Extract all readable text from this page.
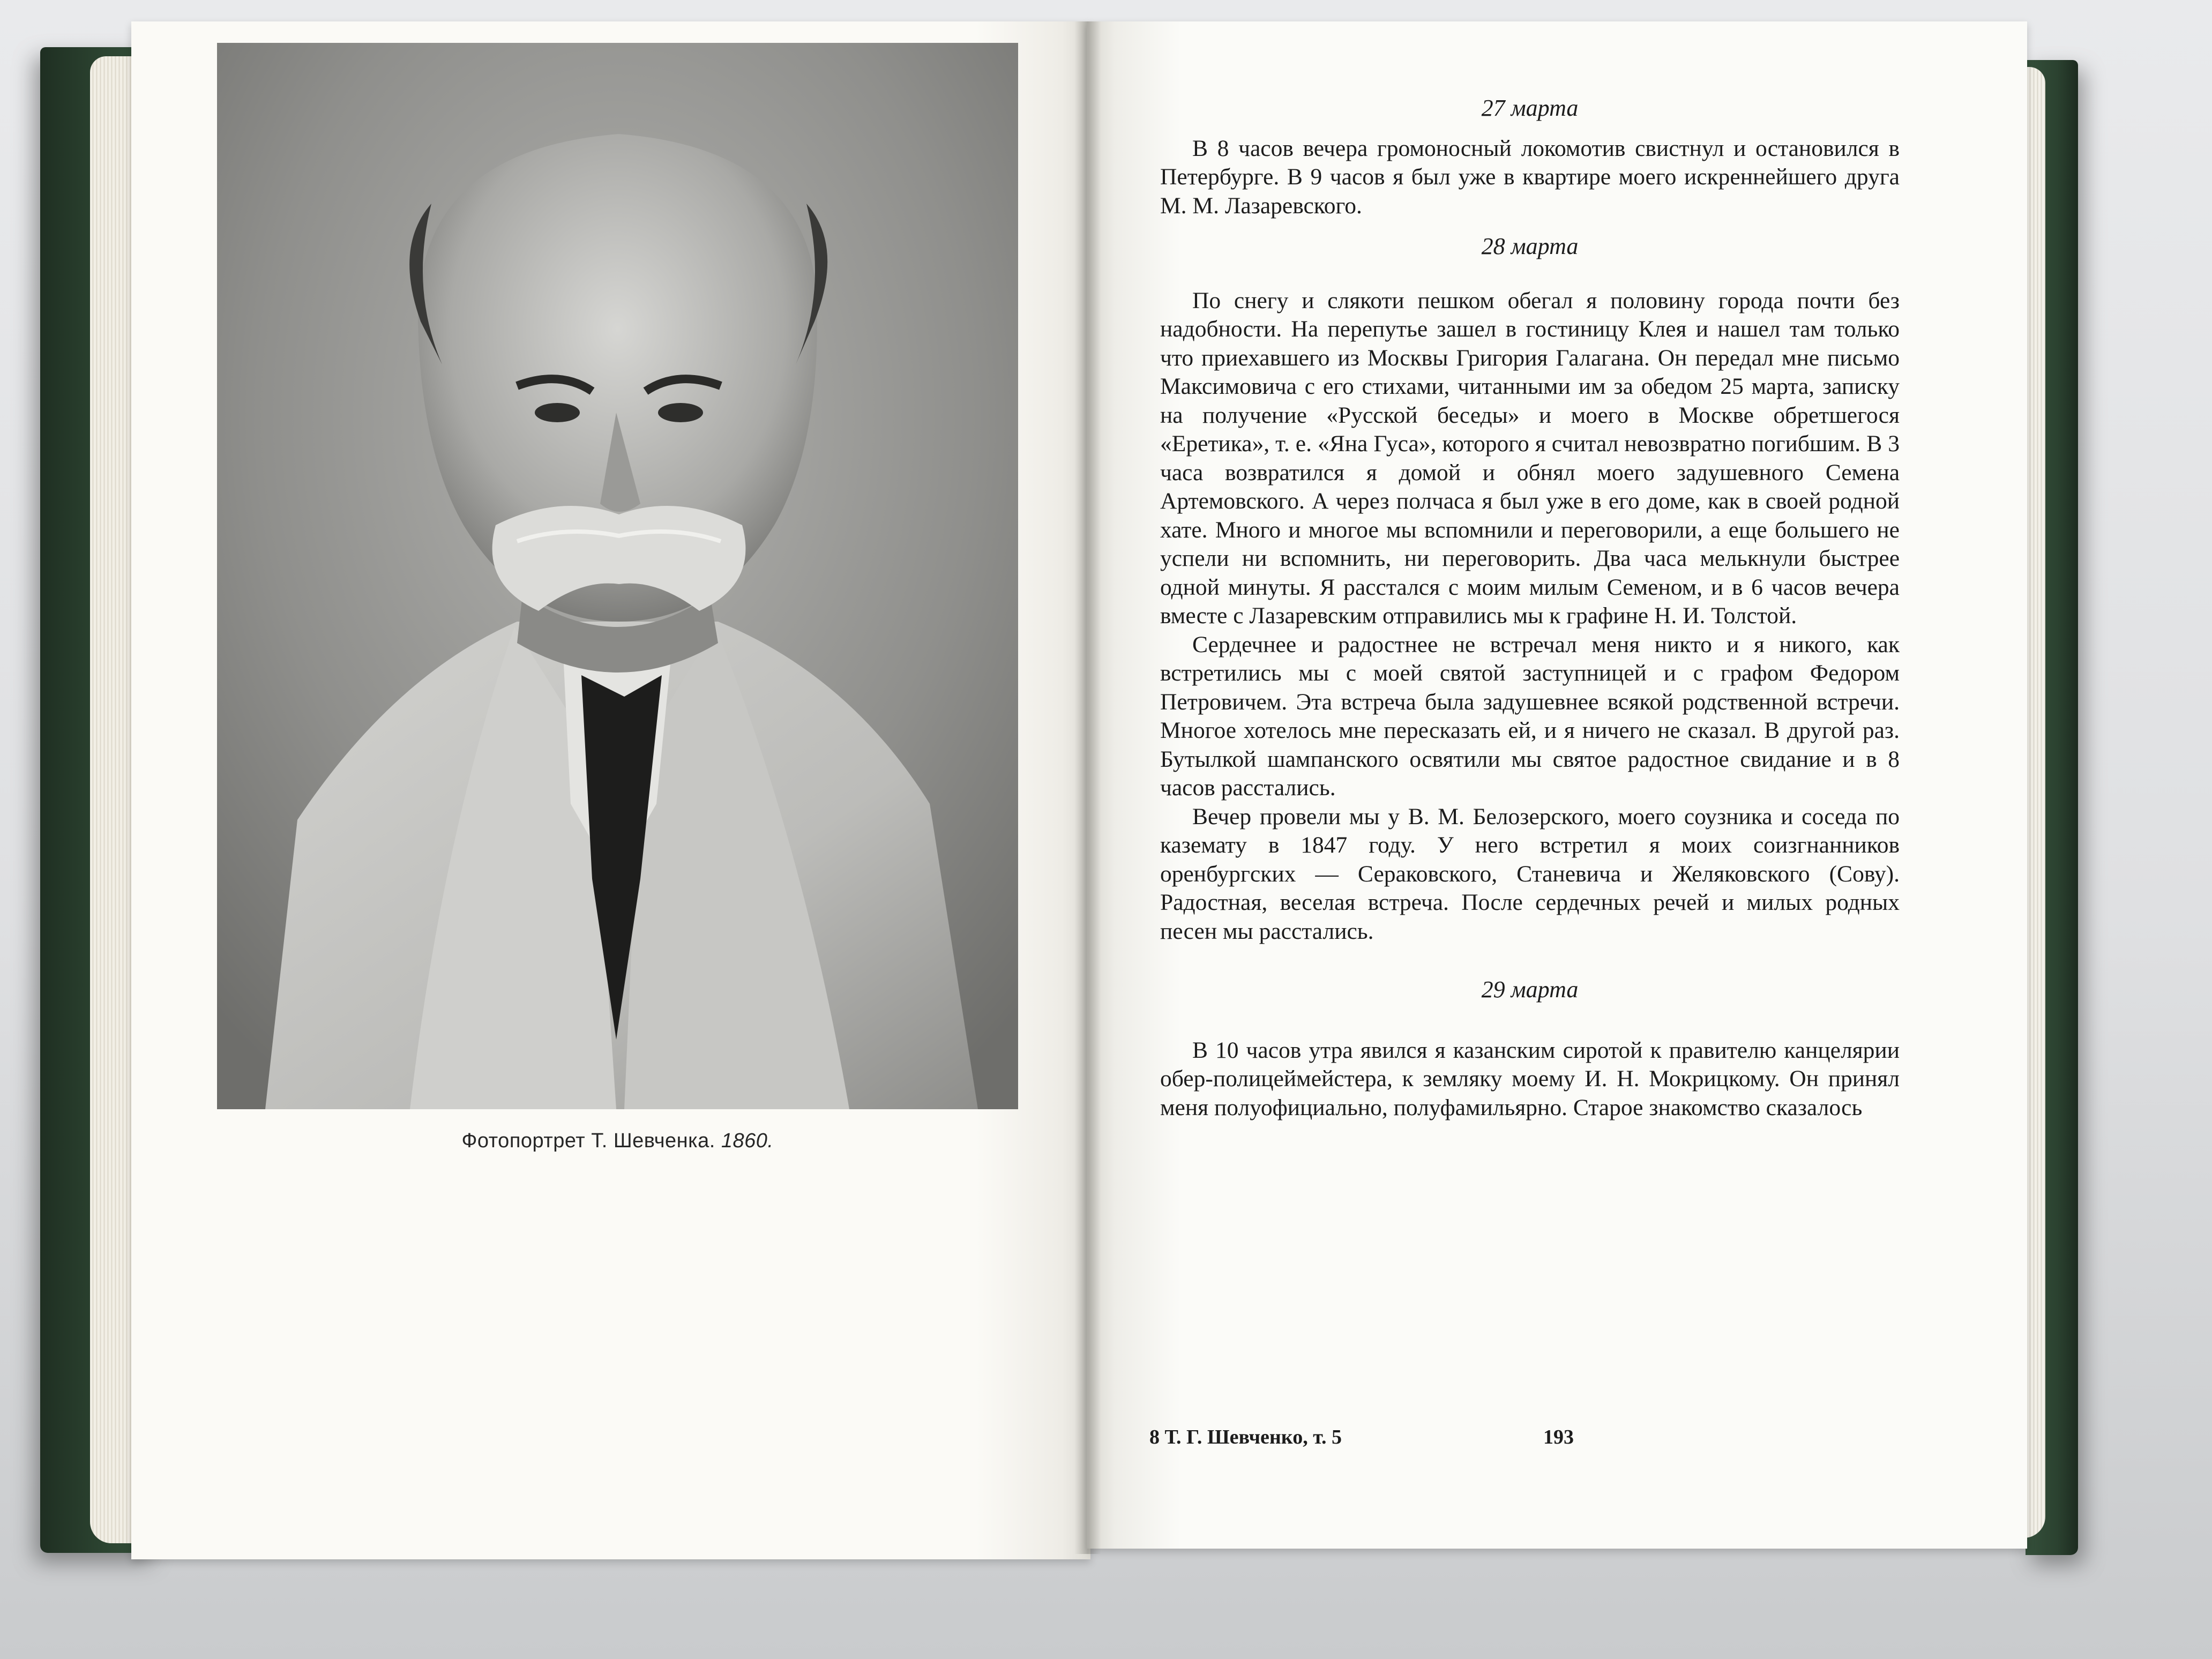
Фотопортрет Т. Шевченка. 1860.

27 марта

В 8 часов вечера громоносный локомотив свистнул и остановился в Петербурге. В 9 часов я был уже в квартире моего искреннейшего друга М. М. Лазаревского.

28 марта

По снегу и слякоти пешком обегал я половину города почти без надобности. На перепутье зашел в гостиницу Клея и нашел там только что приехавшего из Москвы Григория Галагана. Он передал мне письмо Максимовича с его стихами, читанными им за обедом 25 марта, записку на получение «Русской беседы» и моего в Москве обретшегося «Еретика», т. е. «Яна Гуса», которого я считал невозвратно погибшим. В 3 часа возвратился я домой и обнял моего задушевного Семена Артемовского. А через полчаса я был уже в его доме, как в своей родной хате. Много и многое мы вспомнили и переговорили, а еще большего не успели ни вспомнить, ни переговорить. Два часа мелькнули быстрее одной минуты. Я расстался с моим милым Семеном, и в 6 часов вечера вместе с Лазаревским отправились мы к графине Н. И. Толстой.

Сердечнее и радостнее не встречал меня никто и я никого, как встретились мы с моей святой заступницей и с графом Федором Петровичем. Эта встреча была задушевнее всякой родственной встречи. Многое хотелось мне пересказать ей, и я ничего не сказал. В другой раз. Бутылкой шампанского освятили мы святое радостное свидание и в 8 часов расстались.

Вечер провели мы у В. М. Белозерского, моего соузника и соседа по каземату в 1847 году. У него встретил я моих соизгнанников оренбургских — Сераковского, Станевича и Желяковского (Сову). Радостная, веселая встреча. После сердечных речей и милых родных песен мы расстались.

29 марта

В 10 часов утра явился я казанским сиротой к правителю канцелярии обер-полицеймейстера, к земляку моему И. Н. Мокрицкому. Он принял меня полуофициально, полуфамильярно. Старое знакомство сказалось

8 Т. Г. Шевченко, т. 5	193
